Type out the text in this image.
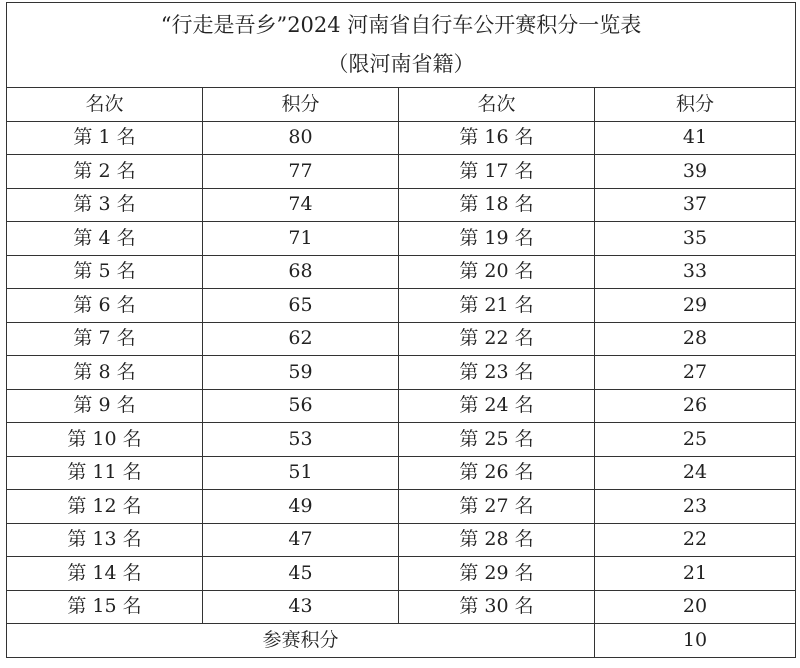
“行走是吾乡”2024 河南省自行车公开赛积分一览表
（限河南省籍）			

名次	积分	名次	积分
第 1 名	80	第 16 名	41
第 2 名	77	第 17 名	39
第 3 名	74	第 18 名	37
第 4 名	71	第 19 名	35
第 5 名	68	第 20 名	33
第 6 名	65	第 21 名	29
第 7 名	62	第 22 名	28
第 8 名	59	第 23 名	27
第 9 名	56	第 24 名	26
第 10 名	53	第 25 名	25
第 11 名	51	第 26 名	24
第 12 名	49	第 27 名	23
第 13 名	47	第 28 名	22
第 14 名	45	第 29 名	21
第 15 名	43	第 30 名	20
参赛积分			10
